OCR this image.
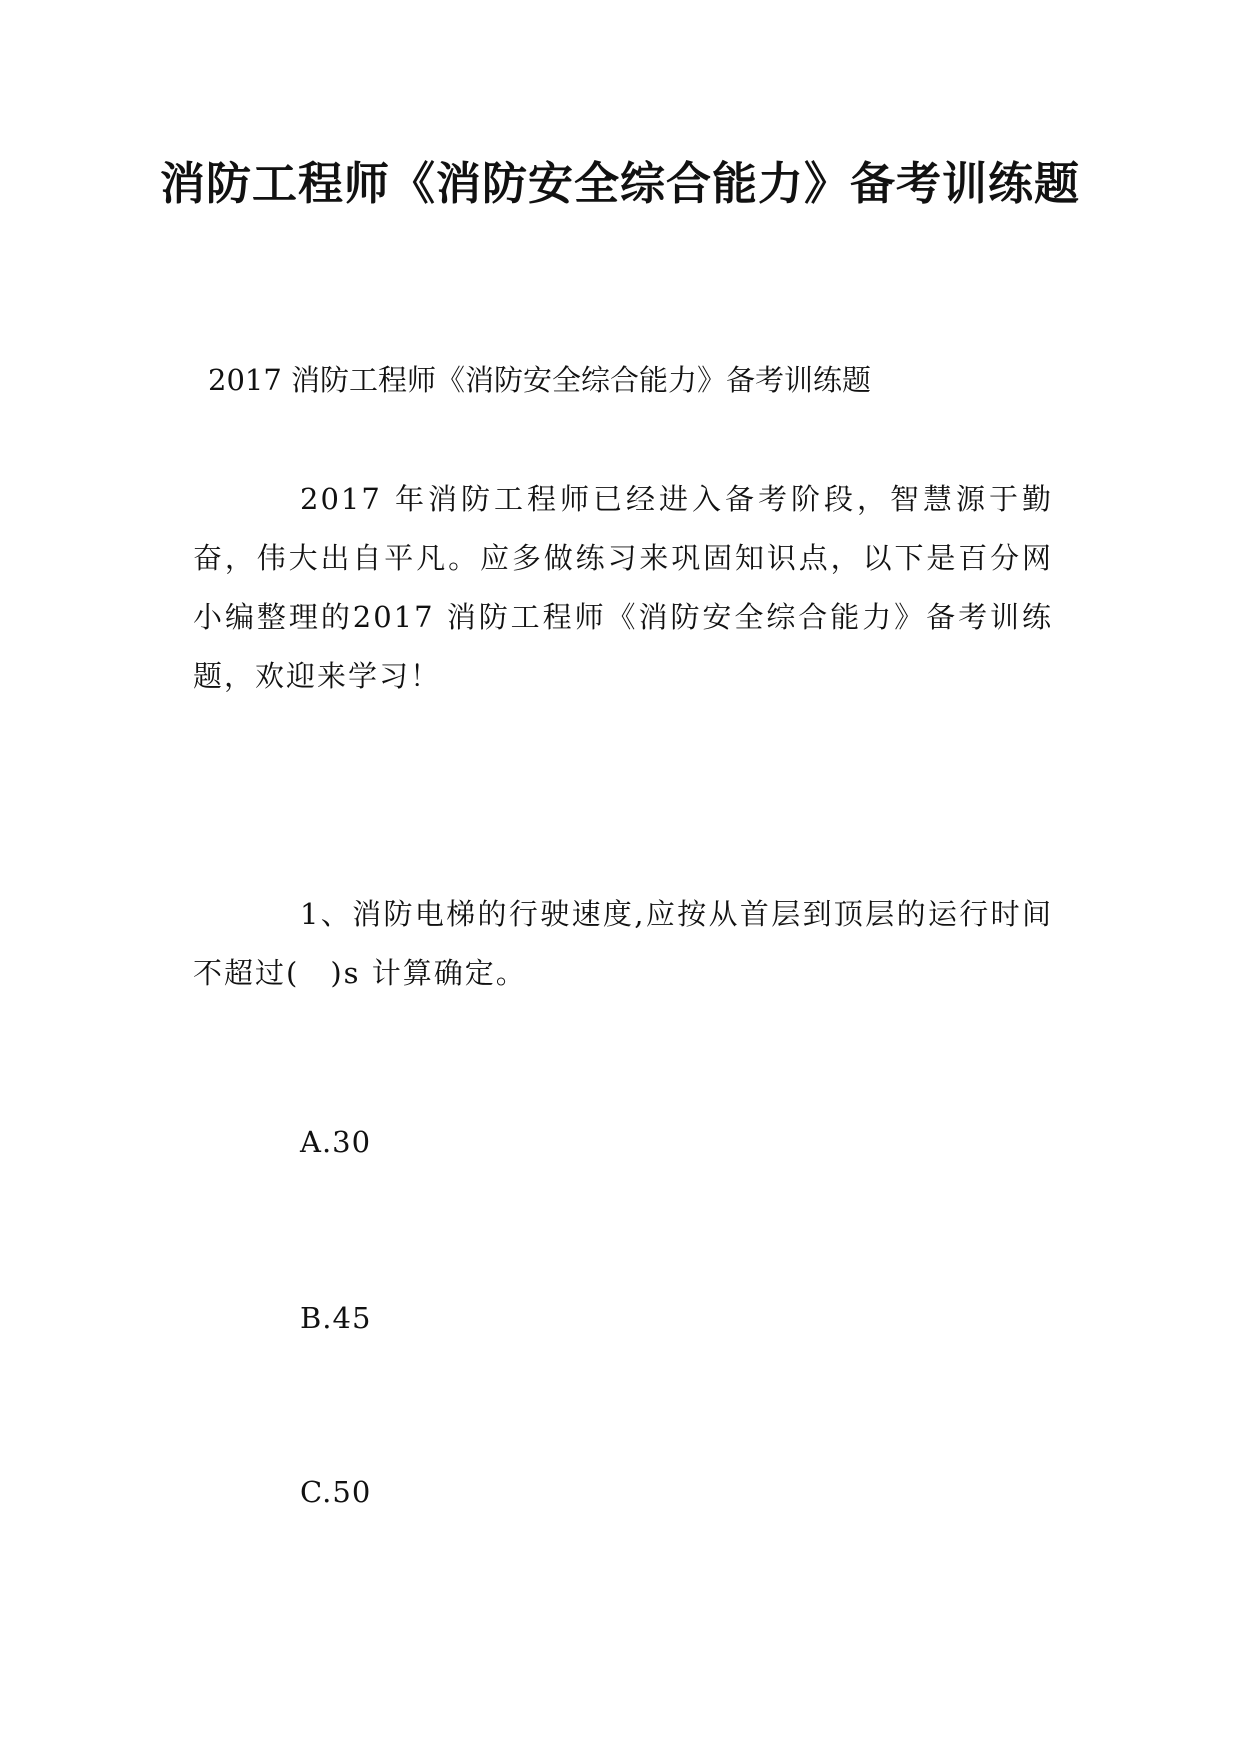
消防工程师《消防安全综合能力》备考训练题

2017 消防工程师《消防安全综合能力》备考训练题

2017 年消防工程师已经进入备考阶段，智慧源于勤奋，伟大出自平凡。应多做练习来巩固知识点，以下是百分网小编整理的2017 消防工程师《消防安全综合能力》备考训练题，欢迎来学习！

1、消防电梯的行驶速度,应按从首层到顶层的运行时间不超过(　)s 计算确定。

A.30

B.45

C.50
